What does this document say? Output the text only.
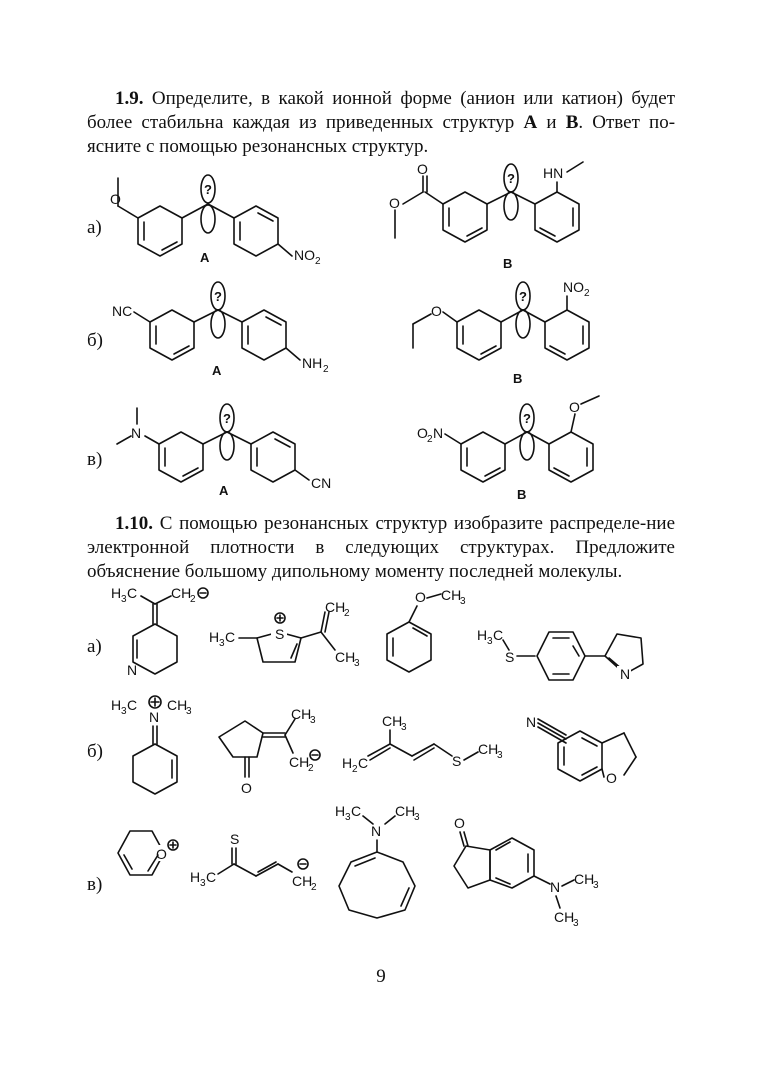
1.9. Определите, в какой ионной форме (анион или катион) будет более стабильна каждая из приведенных структур A и B. Ответ по-ясните с помощью резонансных структур.
а)
б)
в)
O
?
NO 2
A
O
O
? HN
B
NC
?
NH 2
A
O
?
NO 2
B
N
?
CN
A
O 2 N
?
O
B
1.10. С помощью резонансных структур изобразите распределе-ние электронной плотности в следующих структурах. Предложите объяснение большому дипольному моменту последней молекулы.
а)
б)
в)
H 3 C CH
2
N
H 3 C	S
CH
2
CH
3
O CH
3
H 3 C
S
N
H 3 C
N
CH
3	CH
3
CH
2
O
CH
3
H 2 C	S
CH
3
N
O
O
S
H 3 C	CH
2
H 3 C
N
CH
3 O
N CH
3
CH
3
9
